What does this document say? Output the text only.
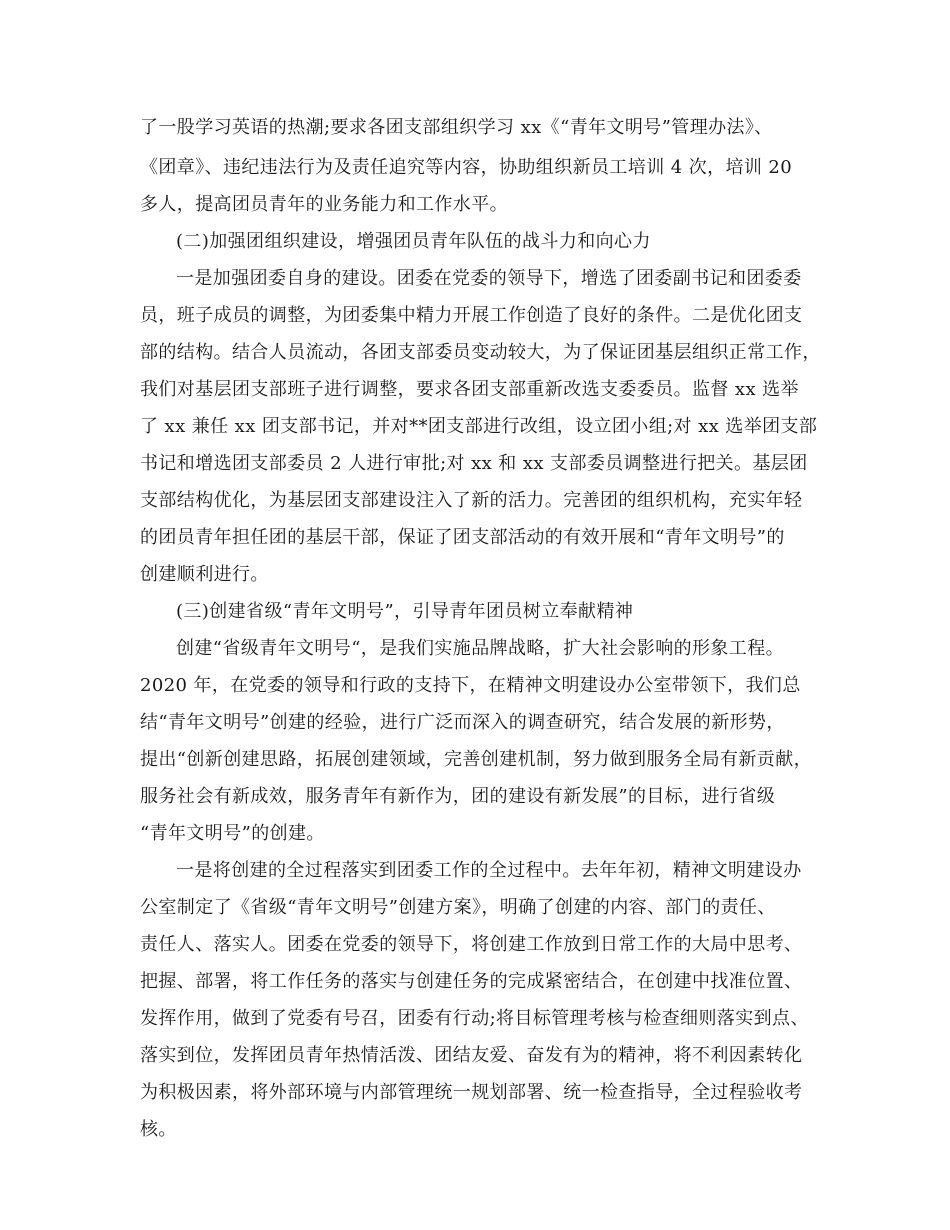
了一股学习英语的热潮;要求各团支部组织学习 xx《“青年文明号”管理办法》、
《团章》、违纪违法行为及责任追究等内容，协助组织新员工培训 4 次，培训 20
多人，提高团员青年的业务能力和工作水平。
(二)加强团组织建设，增强团员青年队伍的战斗力和向心力
一是加强团委自身的建设。团委在党委的领导下，增选了团委副书记和团委委
员，班子成员的调整，为团委集中精力开展工作创造了良好的条件。二是优化团支
部的结构。结合人员流动，各团支部委员变动较大，为了保证团基层组织正常工作，
我们对基层团支部班子进行调整，要求各团支部重新改选支委委员。监督 xx 选举
了 xx 兼任 xx 团支部书记，并对**团支部进行改组，设立团小组;对 xx 选举团支部
书记和增选团支部委员 2 人进行审批;对 xx 和 xx 支部委员调整进行把关。基层团
支部结构优化，为基层团支部建设注入了新的活力。完善团的组织机构，充实年轻
的团员青年担任团的基层干部，保证了团支部活动的有效开展和“青年文明号”的
创建顺利进行。
(三)创建省级“青年文明号”，引导青年团员树立奉献精神
创建“省级青年文明号“，是我们实施品牌战略，扩大社会影响的形象工程。
2020 年，在党委的领导和行政的支持下，在精神文明建设办公室带领下，我们总
结“青年文明号”创建的经验，进行广泛而深入的调查研究，结合发展的新形势，
提出“创新创建思路，拓展创建领域，完善创建机制，努力做到服务全局有新贡献，
服务社会有新成效，服务青年有新作为，团的建设有新发展”的目标，进行省级
“青年文明号”的创建。
一是将创建的全过程落实到团委工作的全过程中。去年年初，精神文明建设办
公室制定了《省级“青年文明号”创建方案》，明确了创建的内容、部门的责任、
责任人、落实人。团委在党委的领导下，将创建工作放到日常工作的大局中思考、
把握、部署，将工作任务的落实与创建任务的完成紧密结合，在创建中找准位置、
发挥作用，做到了党委有号召，团委有行动;将目标管理考核与检查细则落实到点、
落实到位，发挥团员青年热情活泼、团结友爱、奋发有为的精神，将不利因素转化
为积极因素，将外部环境与内部管理统一规划部署、统一检查指导，全过程验收考
核。
